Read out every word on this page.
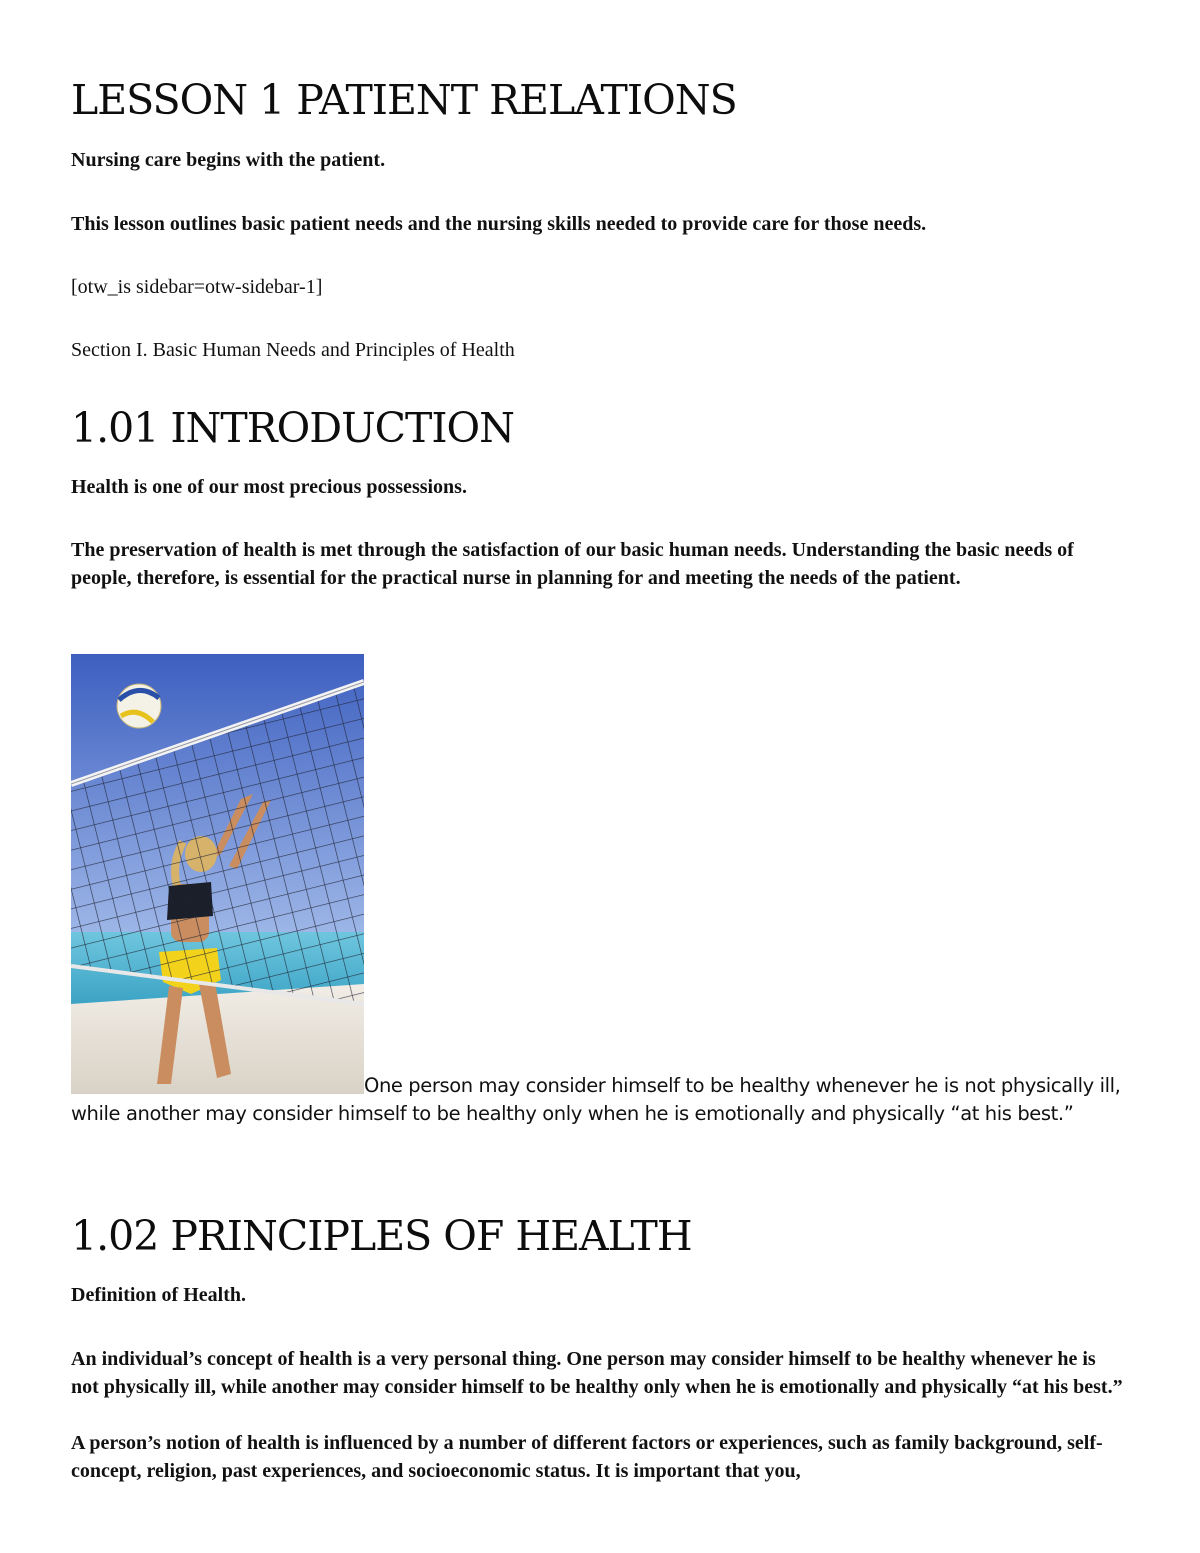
LESSON 1 PATIENT RELATIONS

Nursing care begins with the patient.

This lesson outlines basic patient needs and the nursing skills needed to provide care for those needs.

[otw_is sidebar=otw-sidebar-1]

Section I. Basic Human Needs and Principles of Health

1.01 INTRODUCTION

Health is one of our most precious possessions.

The preservation of health is met through the satisfaction of our basic human needs. Understanding the basic needs of people, therefore, is essential for the practical nurse in planning for and meeting the needs of the patient.

One person may consider himself to be healthy whenever he is not physically ill, while another may consider himself to be healthy only when he is emotionally and physically “at his best.”

1.02 PRINCIPLES OF HEALTH

Definition of Health.

An individual’s concept of health is a very personal thing. One person may consider himself to be healthy whenever he is not physically ill, while another may consider himself to be healthy only when he is emotionally and physically “at his best.”

A person’s notion of health is influenced by a number of different factors or experiences, such as family background, self-concept, religion, past experiences, and socioeconomic status. It is important that you,
